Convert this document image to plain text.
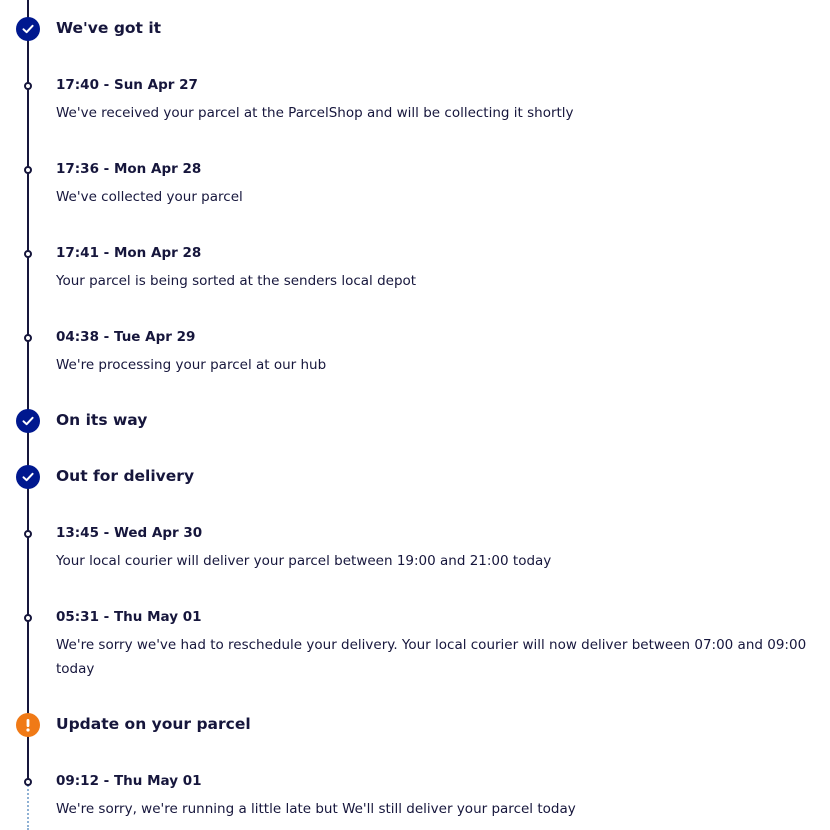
We've got it
17:40 - Sun Apr 27
We've received your parcel at the ParcelShop and will be collecting it shortly
17:36 - Mon Apr 28
We've collected your parcel
17:41 - Mon Apr 28
Your parcel is being sorted at the senders local depot
04:38 - Tue Apr 29
We're processing your parcel at our hub
On its way
Out for delivery
13:45 - Wed Apr 30
Your local courier will deliver your parcel between 19:00 and 21:00 today
05:31 - Thu May 01
We're sorry we've had to reschedule your delivery. Your local courier will now deliver between 07:00 and 09:00 today
Update on your parcel
09:12 - Thu May 01
We're sorry, we're running a little late but We'll still deliver your parcel today
